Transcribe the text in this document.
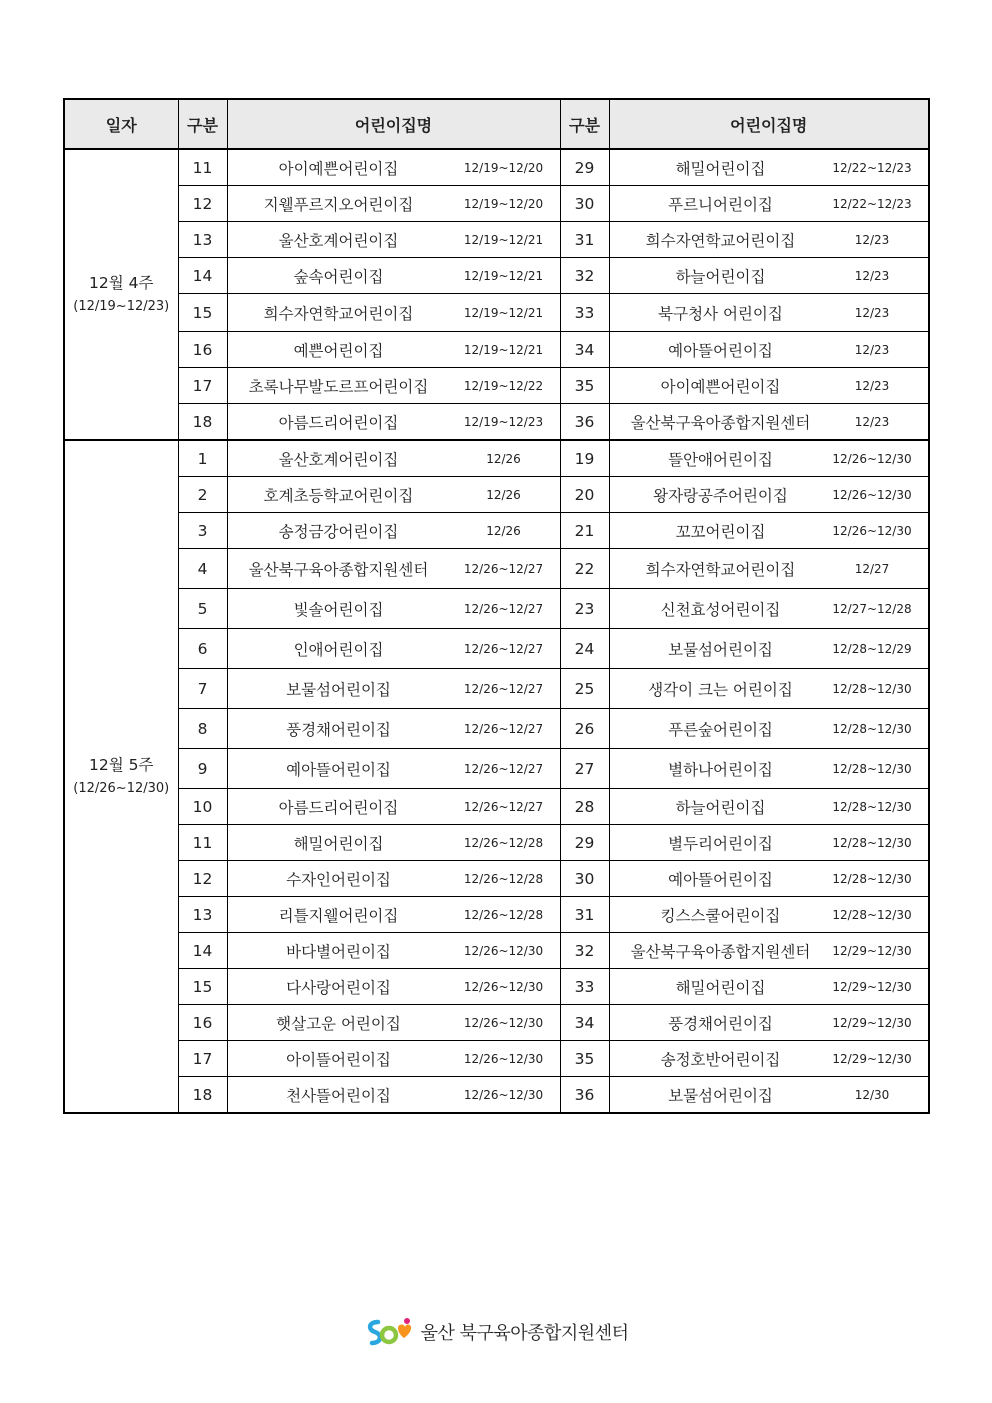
일자	구분	어린이집명	구분	어린이집명
12월 4주
(12/19~12/23)	11	아이예쁜어린이집 12/19~12/20	29	해밀어린이집 12/22~12/23

	12	지웰푸르지오어린이집 12/19~12/20	30	푸르니어린이집 12/22~12/23

	13	울산호계어린이집 12/19~12/21	31	희수자연학교어린이집 12/23

	14	숲속어린이집 12/19~12/21	32	하늘어린이집 12/23

	15	희수자연학교어린이집 12/19~12/21	33	북구청사 어린이집 12/23

	16	예쁜어린이집 12/19~12/21	34	예아뜰어린이집 12/23

	17	초록나무발도르프어린이집 12/19~12/22	35	아이예쁜어린이집 12/23

	18	아름드리어린이집 12/19~12/23	36	울산북구육아종합지원센터 12/23

12월 5주
(12/26~12/30)	1	울산호계어린이집 12/26	19	뜰안애어린이집 12/26~12/30

	2	호계초등학교어린이집 12/26	20	왕자랑공주어린이집 12/26~12/30

	3	송정금강어린이집 12/26	21	꼬꼬어린이집 12/26~12/30

	4	울산북구육아종합지원센터 12/26~12/27	22	희수자연학교어린이집 12/27

	5	빛솔어린이집 12/26~12/27	23	신천효성어린이집 12/27~12/28

	6	인애어린이집 12/26~12/27	24	보물섬어린이집 12/28~12/29

	7	보물섬어린이집 12/26~12/27	25	생각이 크는 어린이집 12/28~12/30

	8	풍경채어린이집 12/26~12/27	26	푸른숲어린이집 12/28~12/30

	9	예아뜰어린이집 12/26~12/27	27	별하나어린이집 12/28~12/30

	10	아름드리어린이집 12/26~12/27	28	하늘어린이집 12/28~12/30

	11	해밀어린이집 12/26~12/28	29	별두리어린이집 12/28~12/30

	12	수자인어린이집 12/26~12/28	30	예아뜰어린이집 12/28~12/30

	13	리틀지웰어린이집 12/26~12/28	31	킹스스쿨어린이집 12/28~12/30

	14	바다별어린이집 12/26~12/30	32	울산북구육아종합지원센터 12/29~12/30

	15	다사랑어린이집 12/26~12/30	33	해밀어린이집 12/29~12/30

	16	햇살고운 어린이집 12/26~12/30	34	풍경채어린이집 12/29~12/30

	17	아이뜰어린이집 12/26~12/30	35	송정호반어린이집 12/29~12/30

	18	천사뜰어린이집 12/26~12/30	36	보물섬어린이집 12/30
울산 북구육아종합지원센터
